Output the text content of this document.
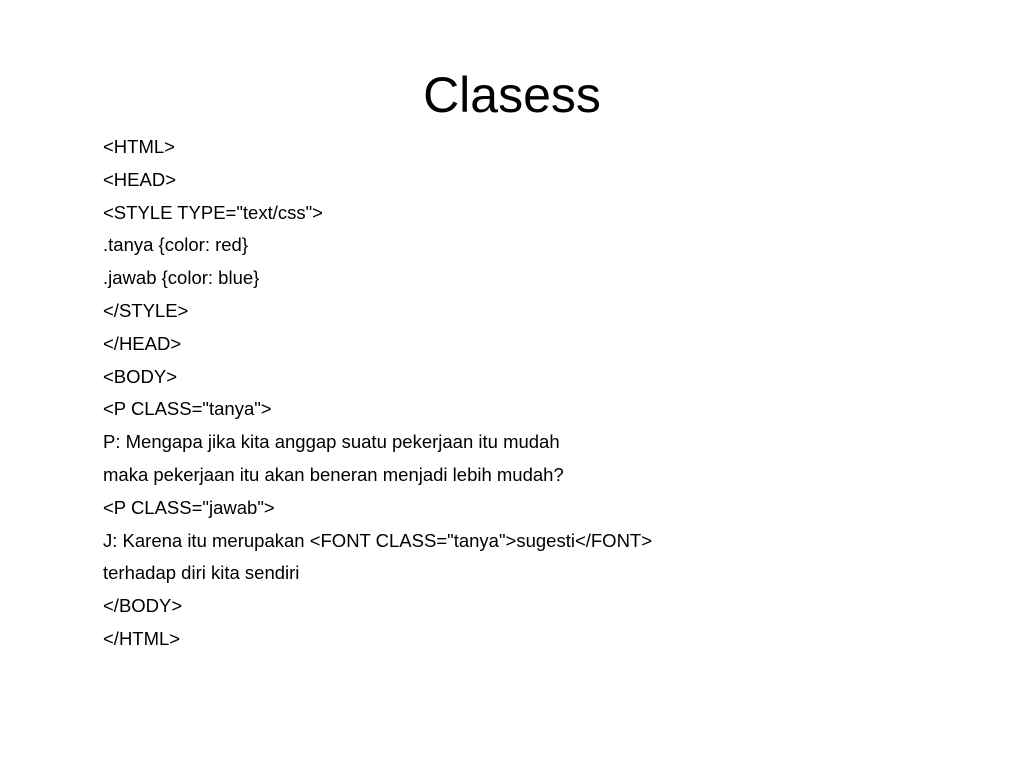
Clasess
<HTML>
<HEAD>
<STYLE TYPE="text/css">
.tanya {color: red}
.jawab {color: blue}
</STYLE>
</HEAD>
<BODY>
<P CLASS="tanya">
P: Mengapa jika kita anggap suatu pekerjaan itu mudah
maka pekerjaan itu akan beneran menjadi lebih mudah?
<P CLASS="jawab">
J: Karena itu merupakan <FONT CLASS="tanya">sugesti</FONT>
terhadap diri kita sendiri
</BODY>
</HTML>
